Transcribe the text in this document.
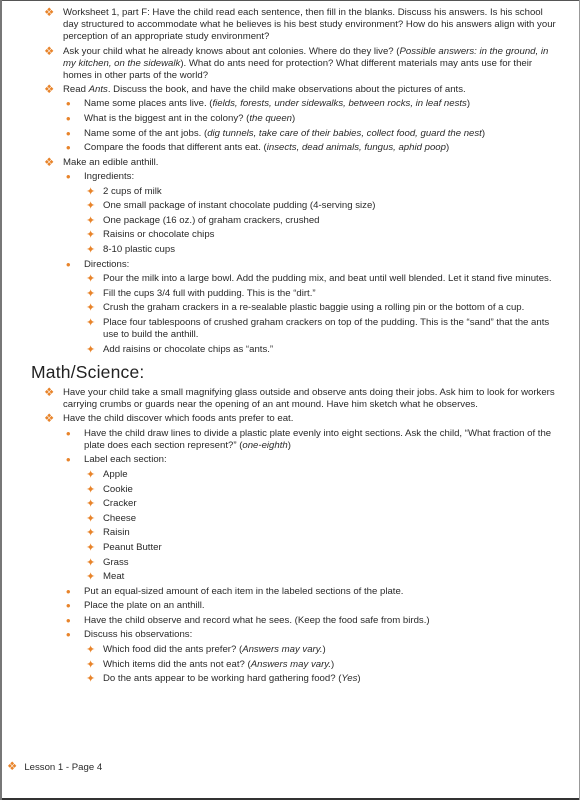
❖ Worksheet 1, part F: Have the child read each sentence, then fill in the blanks. Discuss his answers. Is his school day structured to accommodate what he believes is his best study environment? How do his answers align with your perception of an appropriate study environment?
❖ Ask your child what he already knows about ant colonies. Where do they live? (Possible answers: in the ground, in my kitchen, on the sidewalk). What do ants need for protection? What different materials may ants use for their homes in other parts of the world?
❖ Read Ants. Discuss the book, and have the child make observations about the pictures of ants.
• Name some places ants live. (fields, forests, under sidewalks, between rocks, in leaf nests)
• What is the biggest ant in the colony? (the queen)
• Name some of the ant jobs. (dig tunnels, take care of their babies, collect food, guard the nest)
• Compare the foods that different ants eat. (insects, dead animals, fungus, aphid poop)
❖ Make an edible anthill.
• Ingredients:
✦ 2 cups of milk
✦ One small package of instant chocolate pudding (4-serving size)
✦ One package (16 oz.) of graham crackers, crushed
✦ Raisins or chocolate chips
✦ 8-10 plastic cups
• Directions:
✦ Pour the milk into a large bowl. Add the pudding mix, and beat until well blended. Let it stand five minutes.
✦ Fill the cups 3/4 full with pudding. This is the “dirt.”
✦ Crush the graham crackers in a re-sealable plastic baggie using a rolling pin or the bottom of a cup.
✦ Place four tablespoons of crushed graham crackers on top of the pudding. This is the “sand” that the ants use to build the anthill.
✦ Add raisins or chocolate chips as “ants.”
Math/Science:
❖ Have your child take a small magnifying glass outside and observe ants doing their jobs. Ask him to look for workers carrying crumbs or guards near the opening of an ant mound. Have him sketch what he observes.
❖ Have the child discover which foods ants prefer to eat.
• Have the child draw lines to divide a plastic plate evenly into eight sections. Ask the child, “What fraction of the plate does each section represent?” (one-eighth)
• Label each section:
✦ Apple
✦ Cookie
✦ Cracker
✦ Cheese
✦ Raisin
✦ Peanut Butter
✦ Grass
✦ Meat
• Put an equal-sized amount of each item in the labeled sections of the plate.
• Place the plate on an anthill.
• Have the child observe and record what he sees. (Keep the food safe from birds.)
• Discuss his observations:
✦ Which food did the ants prefer? (Answers may vary.)
✦ Which items did the ants not eat? (Answers may vary.)
✦ Do the ants appear to be working hard gathering food? (Yes)
❖ Lesson 1 - Page 4
